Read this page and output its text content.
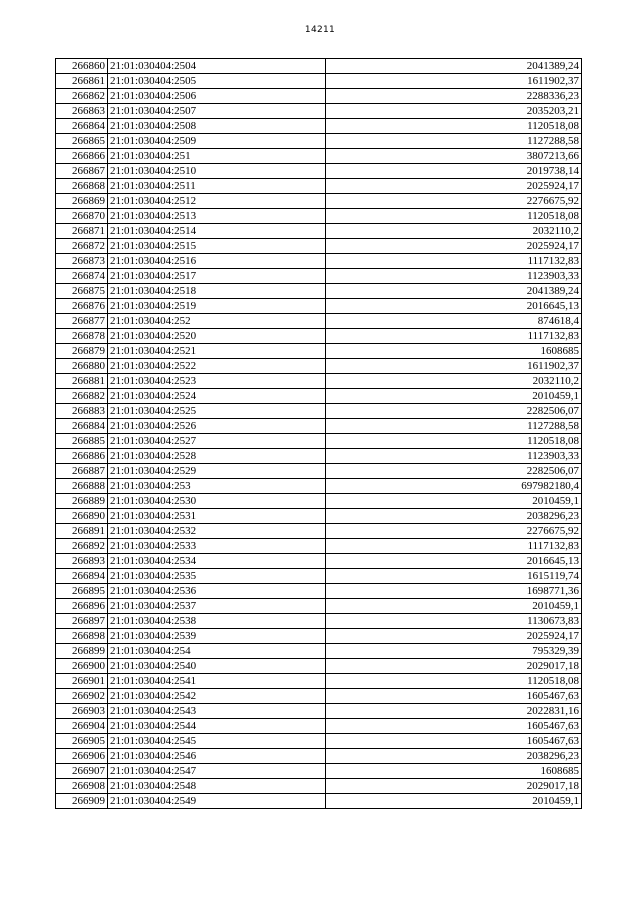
14211
266860	21:01:030404:2504	2041389,24
266861	21:01:030404:2505	1611902,37
266862	21:01:030404:2506	2288336,23
266863	21:01:030404:2507	2035203,21
266864	21:01:030404:2508	1120518,08
266865	21:01:030404:2509	1127288,58
266866	21:01:030404:251	3807213,66
266867	21:01:030404:2510	2019738,14
266868	21:01:030404:2511	2025924,17
266869	21:01:030404:2512	2276675,92
266870	21:01:030404:2513	1120518,08
266871	21:01:030404:2514	2032110,2
266872	21:01:030404:2515	2025924,17
266873	21:01:030404:2516	1117132,83
266874	21:01:030404:2517	1123903,33
266875	21:01:030404:2518	2041389,24
266876	21:01:030404:2519	2016645,13
266877	21:01:030404:252	874618,4
266878	21:01:030404:2520	1117132,83
266879	21:01:030404:2521	1608685
266880	21:01:030404:2522	1611902,37
266881	21:01:030404:2523	2032110,2
266882	21:01:030404:2524	2010459,1
266883	21:01:030404:2525	2282506,07
266884	21:01:030404:2526	1127288,58
266885	21:01:030404:2527	1120518,08
266886	21:01:030404:2528	1123903,33
266887	21:01:030404:2529	2282506,07
266888	21:01:030404:253	697982180,4
266889	21:01:030404:2530	2010459,1
266890	21:01:030404:2531	2038296,23
266891	21:01:030404:2532	2276675,92
266892	21:01:030404:2533	1117132,83
266893	21:01:030404:2534	2016645,13
266894	21:01:030404:2535	1615119,74
266895	21:01:030404:2536	1698771,36
266896	21:01:030404:2537	2010459,1
266897	21:01:030404:2538	1130673,83
266898	21:01:030404:2539	2025924,17
266899	21:01:030404:254	795329,39
266900	21:01:030404:2540	2029017,18
266901	21:01:030404:2541	1120518,08
266902	21:01:030404:2542	1605467,63
266903	21:01:030404:2543	2022831,16
266904	21:01:030404:2544	1605467,63
266905	21:01:030404:2545	1605467,63
266906	21:01:030404:2546	2038296,23
266907	21:01:030404:2547	1608685
266908	21:01:030404:2548	2029017,18
266909	21:01:030404:2549	2010459,1
